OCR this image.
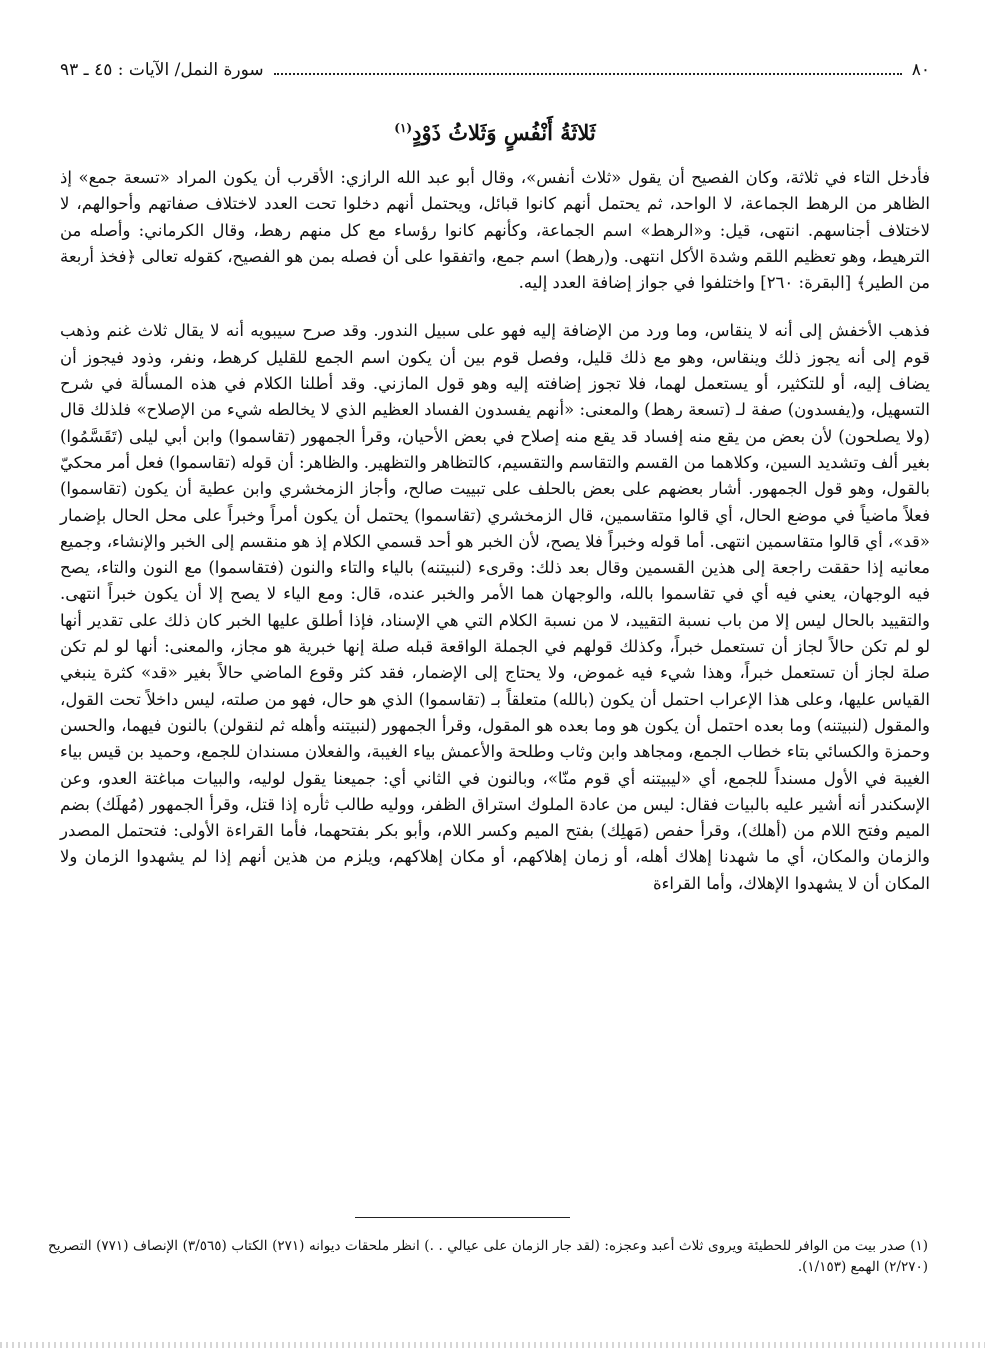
٨٠
سورة النمل/ الآيات : ٤٥ ـ ٩٣
ثَلاثَةُ أَنْفُسٍ وَثَلاثُ ذَوْدٍ$^{(١)}$

فأدخل التاء في ثلاثة، وكان الفصيح أن يقول «ثلاث أنفس»، وقال أبو عبد الله الرازي: الأقرب أن يكون المراد «تسعة جمع» إذ الظاهر من الرهط الجماعة، لا الواحد، ثم يحتمل أنهم كانوا قبائل، ويحتمل أنهم دخلوا تحت العدد لاختلاف صفاتهم وأحوالهم، لا لاختلاف أجناسهم. انتهى، قيل: و«الرهط» اسم الجماعة، وكأنهم كانوا رؤساء مع كل منهم رهط، وقال الكرماني: وأصله من الترهيط، وهو تعظيم اللقم وشدة الأكل انتهى. و(رهط) اسم جمع، واتفقوا على أن فصله بمن هو الفصيح، كقوله تعالى ﴿فخذ أربعة من الطير﴾ [البقرة: ٢٦٠] واختلفوا في جواز إضافة العدد إليه.

فذهب الأخفش إلى أنه لا ينقاس، وما ورد من الإضافة إليه فهو على سبيل الندور. وقد صرح سيبويه أنه لا يقال ثلاث غنم وذهب قوم إلى أنه يجوز ذلك وينقاس، وهو مع ذلك قليل، وفصل قوم بين أن يكون اسم الجمع للقليل كرهط، ونفر، وذود فيجوز أن يضاف إليه، أو للتكثير، أو يستعمل لهما، فلا تجوز إضافته إليه وهو قول المازني. وقد أطلنا الكلام في هذه المسألة في شرح التسهيل، و(يفسدون) صفة لـ (تسعة رهط) والمعنى: «أنهم يفسدون الفساد العظيم الذي لا يخالطه شيء من الإصلاح» فلذلك قال (ولا يصلحون) لأن بعض من يقع منه إفساد قد يقع منه إصلاح في بعض الأحيان، وقرأ الجمهور (تقاسموا) وابن أبي ليلى (تَقَسَّمُوا) بغير ألف وتشديد السين، وكلاهما من القسم والتقاسم والتقسيم، كالتظاهر والتظهير. والظاهر: أن قوله (تقاسموا) فعل أمر محكيّ بالقول، وهو قول الجمهور. أشار بعضهم على بعض بالحلف على تبييت صالح، وأجاز الزمخشري وابن عطية أن يكون (تقاسموا) فعلاً ماضياً في موضع الحال، أي قالوا متقاسمين، قال الزمخشري (تقاسموا) يحتمل أن يكون أمراً وخبراً على محل الحال بإضمار «قد»، أي قالوا متقاسمين انتهى. أما قوله وخبراً فلا يصح، لأن الخبر هو أحد قسمي الكلام إذ هو منقسم إلى الخبر والإنشاء، وجميع معانيه إذا حققت راجعة إلى هذين القسمين وقال بعد ذلك: وقرىء (لنبيتنه) بالياء والتاء والنون (فتقاسموا) مع النون والتاء، يصح فيه الوجهان، يعني فيه أي في تقاسموا بالله، والوجهان هما الأمر والخبر عنده، قال: ومع الياء لا يصح إلا أن يكون خبراً انتهى. والتقييد بالحال ليس إلا من باب نسبة التقييد، لا من نسبة الكلام التي هي الإسناد، فإذا أطلق عليها الخبر كان ذلك على تقدير أنها لو لم تكن حالاً لجاز أن تستعمل خبراً، وكذلك قولهم في الجملة الواقعة قبله صلة إنها خبرية هو مجاز، والمعنى: أنها لو لم تكن صلة لجاز أن تستعمل خبراً، وهذا شيء فيه غموض، ولا يحتاج إلى الإضمار، فقد كثر وقوع الماضي حالاً بغير «قد» كثرة ينبغي القياس عليها، وعلى هذا الإعراب احتمل أن يكون (بالله) متعلقاً بـ (تقاسموا) الذي هو حال، فهو من صلته، ليس داخلاً تحت القول، والمقول (لنبيتنه) وما بعده احتمل أن يكون هو وما بعده هو المقول، وقرأ الجمهور (لنبيتنه وأهله ثم لنقولن) بالنون فيهما، والحسن وحمزة والكسائي بتاء خطاب الجمع، ومجاهد وابن وثاب وطلحة والأعمش بياء الغيبة، والفعلان مسندان للجمع، وحميد بن قيس بياء الغيبة في الأول مسنداً للجمع، أي «ليبيتنه أي قوم منّا»، وبالنون في الثاني أي: جميعنا يقول لوليه، والبيات مباغتة العدو، وعن الإسكندر أنه أشير عليه بالبيات فقال: ليس من عادة الملوك استراق الظفر، ووليه طالب ثأره إذا قتل، وقرأ الجمهور (مُهلَك) بضم الميم وفتح اللام من (أهلك)، وقرأ حفص (مَهلِك) بفتح الميم وكسر اللام، وأبو بكر بفتحهما، فأما القراءة الأولى: فتحتمل المصدر والزمان والمكان، أي ما شهدنا إهلاك أهله، أو زمان إهلاكهم، أو مكان إهلاكهم، ويلزم من هذين أنهم إذا لم يشهدوا الزمان ولا المكان أن لا يشهدوا الإهلاك، وأما القراءة

(١) صدر بيت من الوافر للحطيئة ويروى ثلاث أعبد وعجزه: (لقد جار الزمان على عيالي . .) انظر ملحقات ديوانه (٢٧١) الكتاب (٣/٥٦٥) الإنصاف (٧٧١) التصريح (٢/٢٧٠) الهمع (١/١٥٣).
